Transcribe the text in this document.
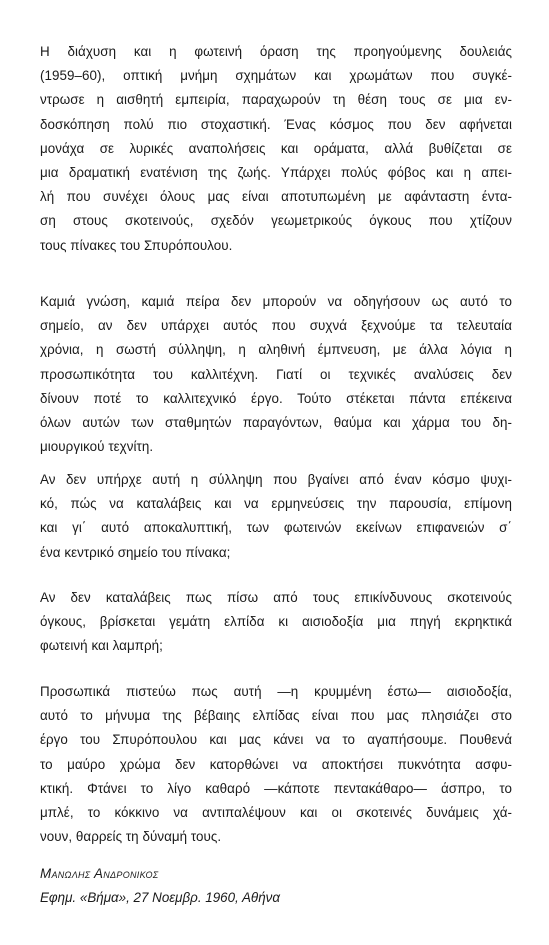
Η διάχυση και η φωτεινή όραση της προηγούμενης δουλειάς
(1959–60), οπτική μνήμη σχημάτων και χρωμάτων που συγκέ-
ντρωσε η αισθητή εμπειρία, παραχωρούν τη θέση τους σε μια εν-
δοσκόπηση πολύ πιο στοχαστική. Ένας κόσμος που δεν αφήνεται
μονάχα σε λυρικές αναπολήσεις και οράματα, αλλά βυθίζεται σε
μια δραματική ενατένιση της ζωής. Υπάρχει πολύς φόβος και η απει-
λή που συνέχει όλους μας είναι αποτυπωμένη με αφάνταστη έντα-
ση στους σκοτεινούς, σχεδόν γεωμετρικούς όγκους που χτίζουν
τους πίνακες του Σπυρόπουλου.
Καμιά γνώση, καμιά πείρα δεν μπορούν να οδηγήσουν ως αυτό το
σημείο, αν δεν υπάρχει αυτός που συχνά ξεχνούμε τα τελευταία
χρόνια, η σωστή σύλληψη, η αληθινή έμπνευση, με άλλα λόγια η
προσωπικότητα του καλλιτέχνη. Γιατί οι τεχνικές αναλύσεις δεν
δίνουν ποτέ το καλλιτεχνικό έργο. Τούτο στέκεται πάντα επέκεινα
όλων αυτών των σταθμητών παραγόντων, θαύμα και χάρμα του δη-
μιουργικού τεχνίτη.
Αν δεν υπήρχε αυτή η σύλληψη που βγαίνει από έναν κόσμο ψυχι-
κό, πώς να καταλάβεις και να ερμηνεύσεις την παρουσία, επίμονη
και γι΄ αυτό αποκαλυπτική, των φωτεινών εκείνων επιφανειών σ΄
ένα κεντρικό σημείο του πίνακα;
Αν δεν καταλάβεις πως πίσω από τους επικίνδυνους σκοτεινούς
όγκους, βρίσκεται γεμάτη ελπίδα κι αισιοδοξία μια πηγή εκρηκτικά
φωτεινή και λαμπρή;
Προσωπικά πιστεύω πως αυτή —η κρυμμένη έστω— αισιοδοξία,
αυτό το μήνυμα της βέβαιης ελπίδας είναι που μας πλησιάζει στο
έργο του Σπυρόπουλου και μας κάνει να το αγαπήσουμε. Πουθενά
το μαύρο χρώμα δεν κατορθώνει να αποκτήσει πυκνότητα ασφυ-
κτική. Φτάνει το λίγο καθαρό —κάποτε πεντακάθαρο— άσπρο, το
μπλέ, το κόκκινο να αντιπαλέψουν και οι σκοτεινές δυνάμεις χά-
νουν, θαρρείς τη δύναμή τους.
Μανωλης Ανδρονικος
Εφημ. «Βήμα», 27 Νοεμβρ. 1960, Αθήνα
